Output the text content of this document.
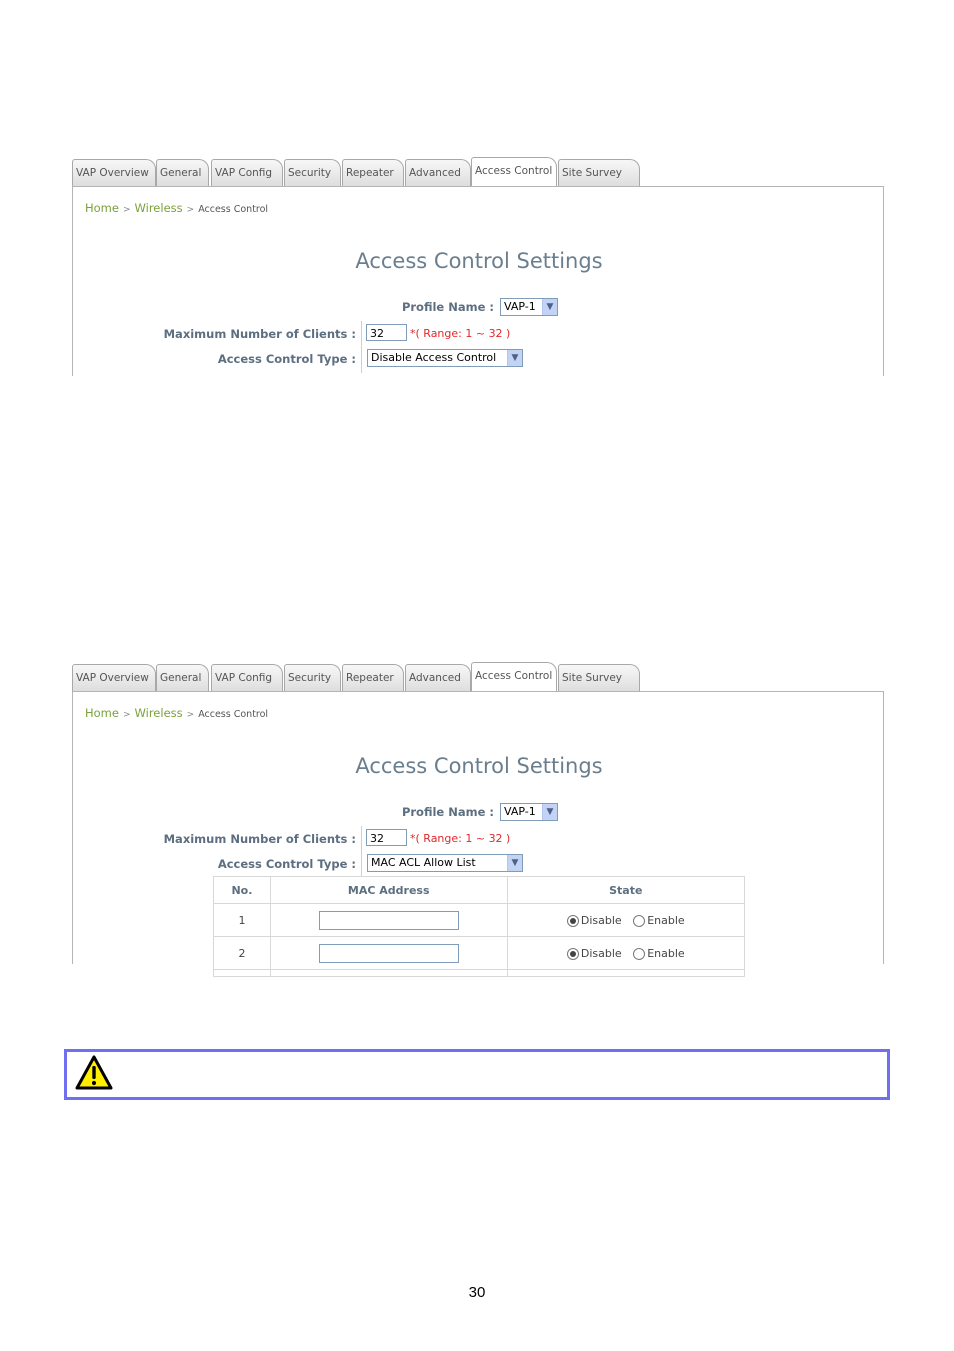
VAP Overview	General	VAP Config	Security	Repeater	Advanced	Access Control Site Survey
Home > Wireless > Access Control
Access Control Settings
Profile Name : VAP-1	▼
Maximum Number of Clients :	32	*( Range: 1 ~ 32 )
Access Control Type :	Disable Access Control	▼
VAP Overview	General	VAP Config	Security	Repeater	Advanced	Access Control Site Survey
Home > Wireless > Access Control
Access Control Settings
Profile Name : VAP-1	▼
Maximum Number of Clients :	32	*( Range: 1 ~ 32 )
Access Control Type :	MAC ACL Allow List	▼
No.	MAC Address	State
1		Disable Enable
2		Disable Enable

30
